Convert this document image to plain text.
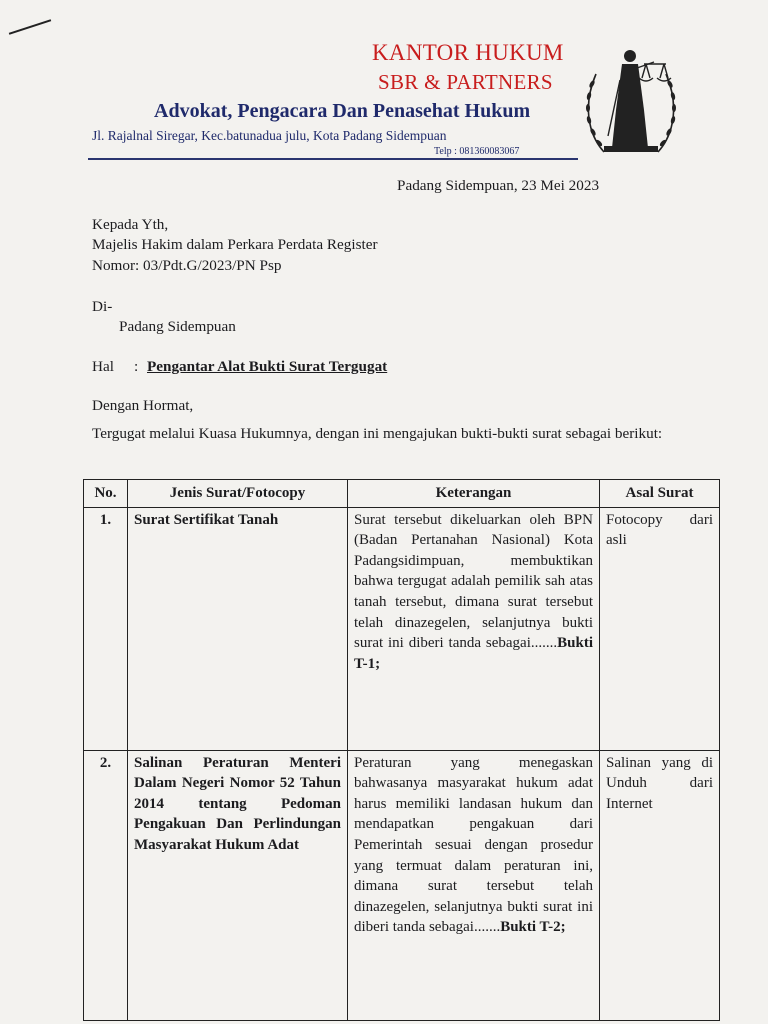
KANTOR HUKUM
SBR & PARTNERS
Advokat, Pengacara Dan Penasehat Hukum
Jl. Rajalnal Siregar, Kec.batunadua julu, Kota Padang Sidempuan
Telp : 081360083067
Padang Sidempuan, 23 Mei 2023
Kepada Yth,
Majelis Hakim dalam Perkara Perdata Register
Nomor: 03/Pdt.G/2023/PN Psp
Di-
Padang Sidempuan
Hal : Pengantar Alat Bukti Surat Tergugat
Dengan Hormat,
Tergugat melalui Kuasa Hukumnya, dengan ini mengajukan bukti-bukti surat sebagai berikut:
No.	Jenis Surat/Fotocopy	Keterangan	Asal Surat
1.	Surat Sertifikat Tanah	Surat tersebut dikeluarkan oleh BPN (Badan Pertanahan Nasional) Kota Padangsidimpuan, membuktikan bahwa tergugat adalah pemilik sah atas tanah tersebut, dimana surat tersebut telah dinazegelen, selanjutnya bukti surat ini diberi tanda sebagai.......Bukti T-1;	Fotocopy dari asli
2.	Salinan Peraturan Menteri Dalam Negeri Nomor 52 Tahun 2014 tentang Pedoman Pengakuan Dan Perlindungan Masyarakat Hukum Adat	Peraturan yang menegaskan bahwasanya masyarakat hukum adat harus memiliki landasan hukum dan mendapatkan pengakuan dari Pemerintah sesuai dengan prosedur yang termuat dalam peraturan ini, dimana surat tersebut telah dinazegelen, selanjutnya bukti surat ini diberi tanda sebagai.......Bukti T-2;	Salinan yang di Unduh dari Internet
